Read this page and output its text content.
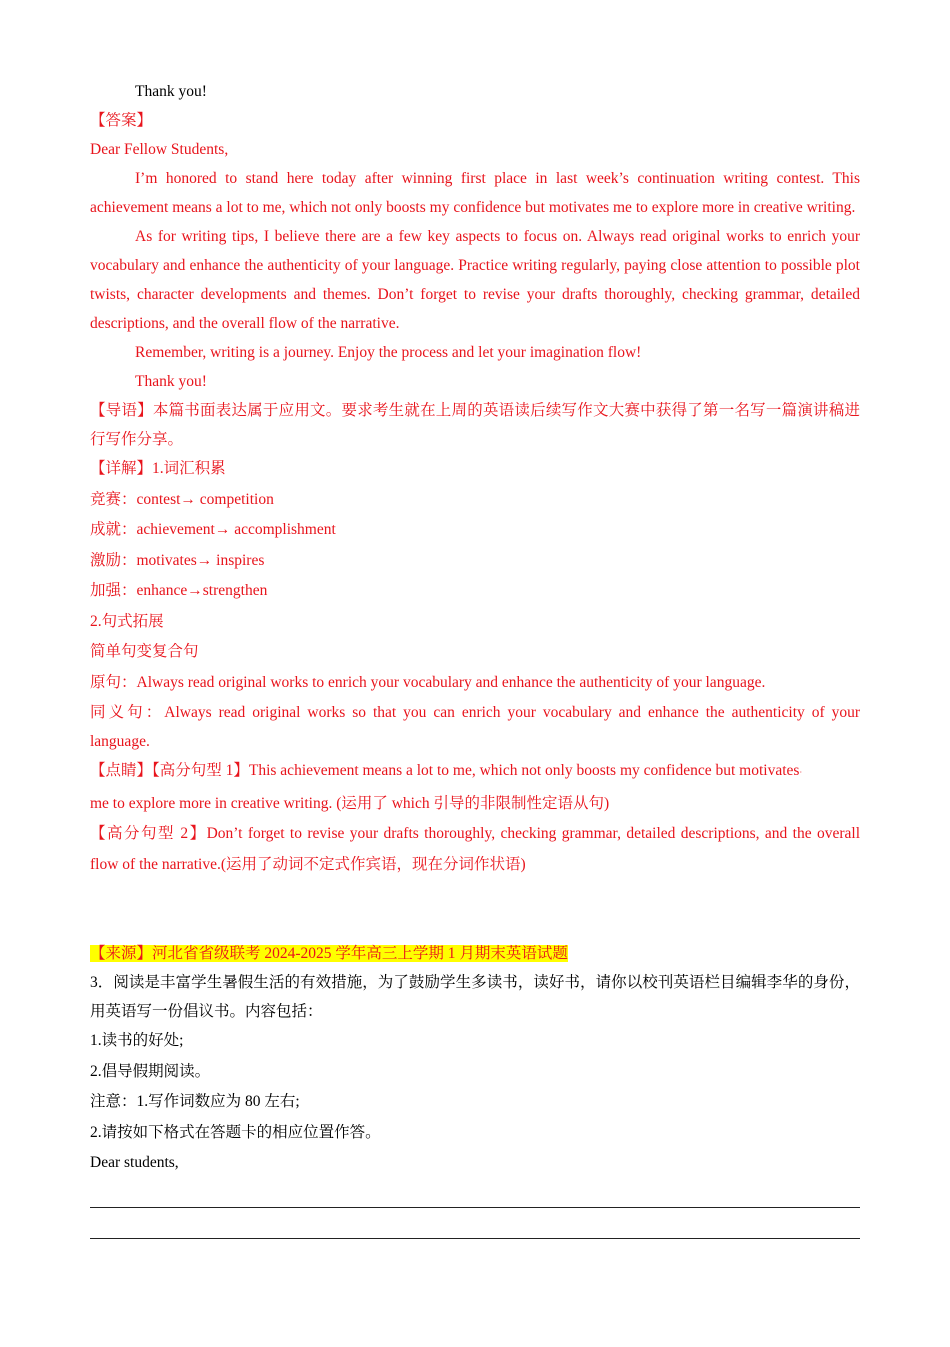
Thank you!
【答案】
Dear Fellow Students,
I’m honored to stand here today after winning first place in last week’s continuation writing contest. This achievement means a lot to me, which not only boosts my confidence but motivates me to explore more in creative writing.
As for writing tips, I believe there are a few key aspects to focus on. Always read original works to enrich your vocabulary and enhance the authenticity of your language. Practice writing regularly, paying close attention to possible plot twists, character developments and themes. Don’t forget to revise your drafts thoroughly, checking grammar, detailed descriptions, and the overall flow of the narrative.
Remember, writing is a journey. Enjoy the process and let your imagination flow!
Thank you!
【导语】本篇书面表达属于应用文。要求考生就在上周的英语读后续写作文大赛中获得了第一名写一篇演讲稿进行写作分享。
【详解】1.词汇积累
竞赛：contest→ competition
成就：achievement→ accomplishment
激励：motivates→ inspires
加强：enhance→strengthen
2.句式拓展
简单句变复合句
原句：Always read original works to enrich your vocabulary and enhance the authenticity of your language.
同义句：Always read original works so that you can enrich your vocabulary and enhance the authenticity of your language.
【点睛】【高分句型 1】This achievement means a lot to me, which not only boosts my confidence but motivates·
me to explore more in creative writing. (运用了 which 引导的非限制性定语从句)
【高分句型 2】Don’t forget to revise your drafts thoroughly, checking grammar, detailed descriptions, and the overall flow of the narrative.(运用了动词不定式作宾语，现在分词作状语)
【来源】河北省省级联考 2024-2025 学年高三上学期 1 月期末英语试题
3．阅读是丰富学生暑假生活的有效措施，为了鼓励学生多读书，读好书，请你以校刊英语栏目编辑李华的身份，用英语写一份倡议书。内容包括：
1.读书的好处;
2.倡导假期阅读。
注意：1.写作词数应为 80 左右;
2.请按如下格式在答题卡的相应位置作答。
Dear students,
